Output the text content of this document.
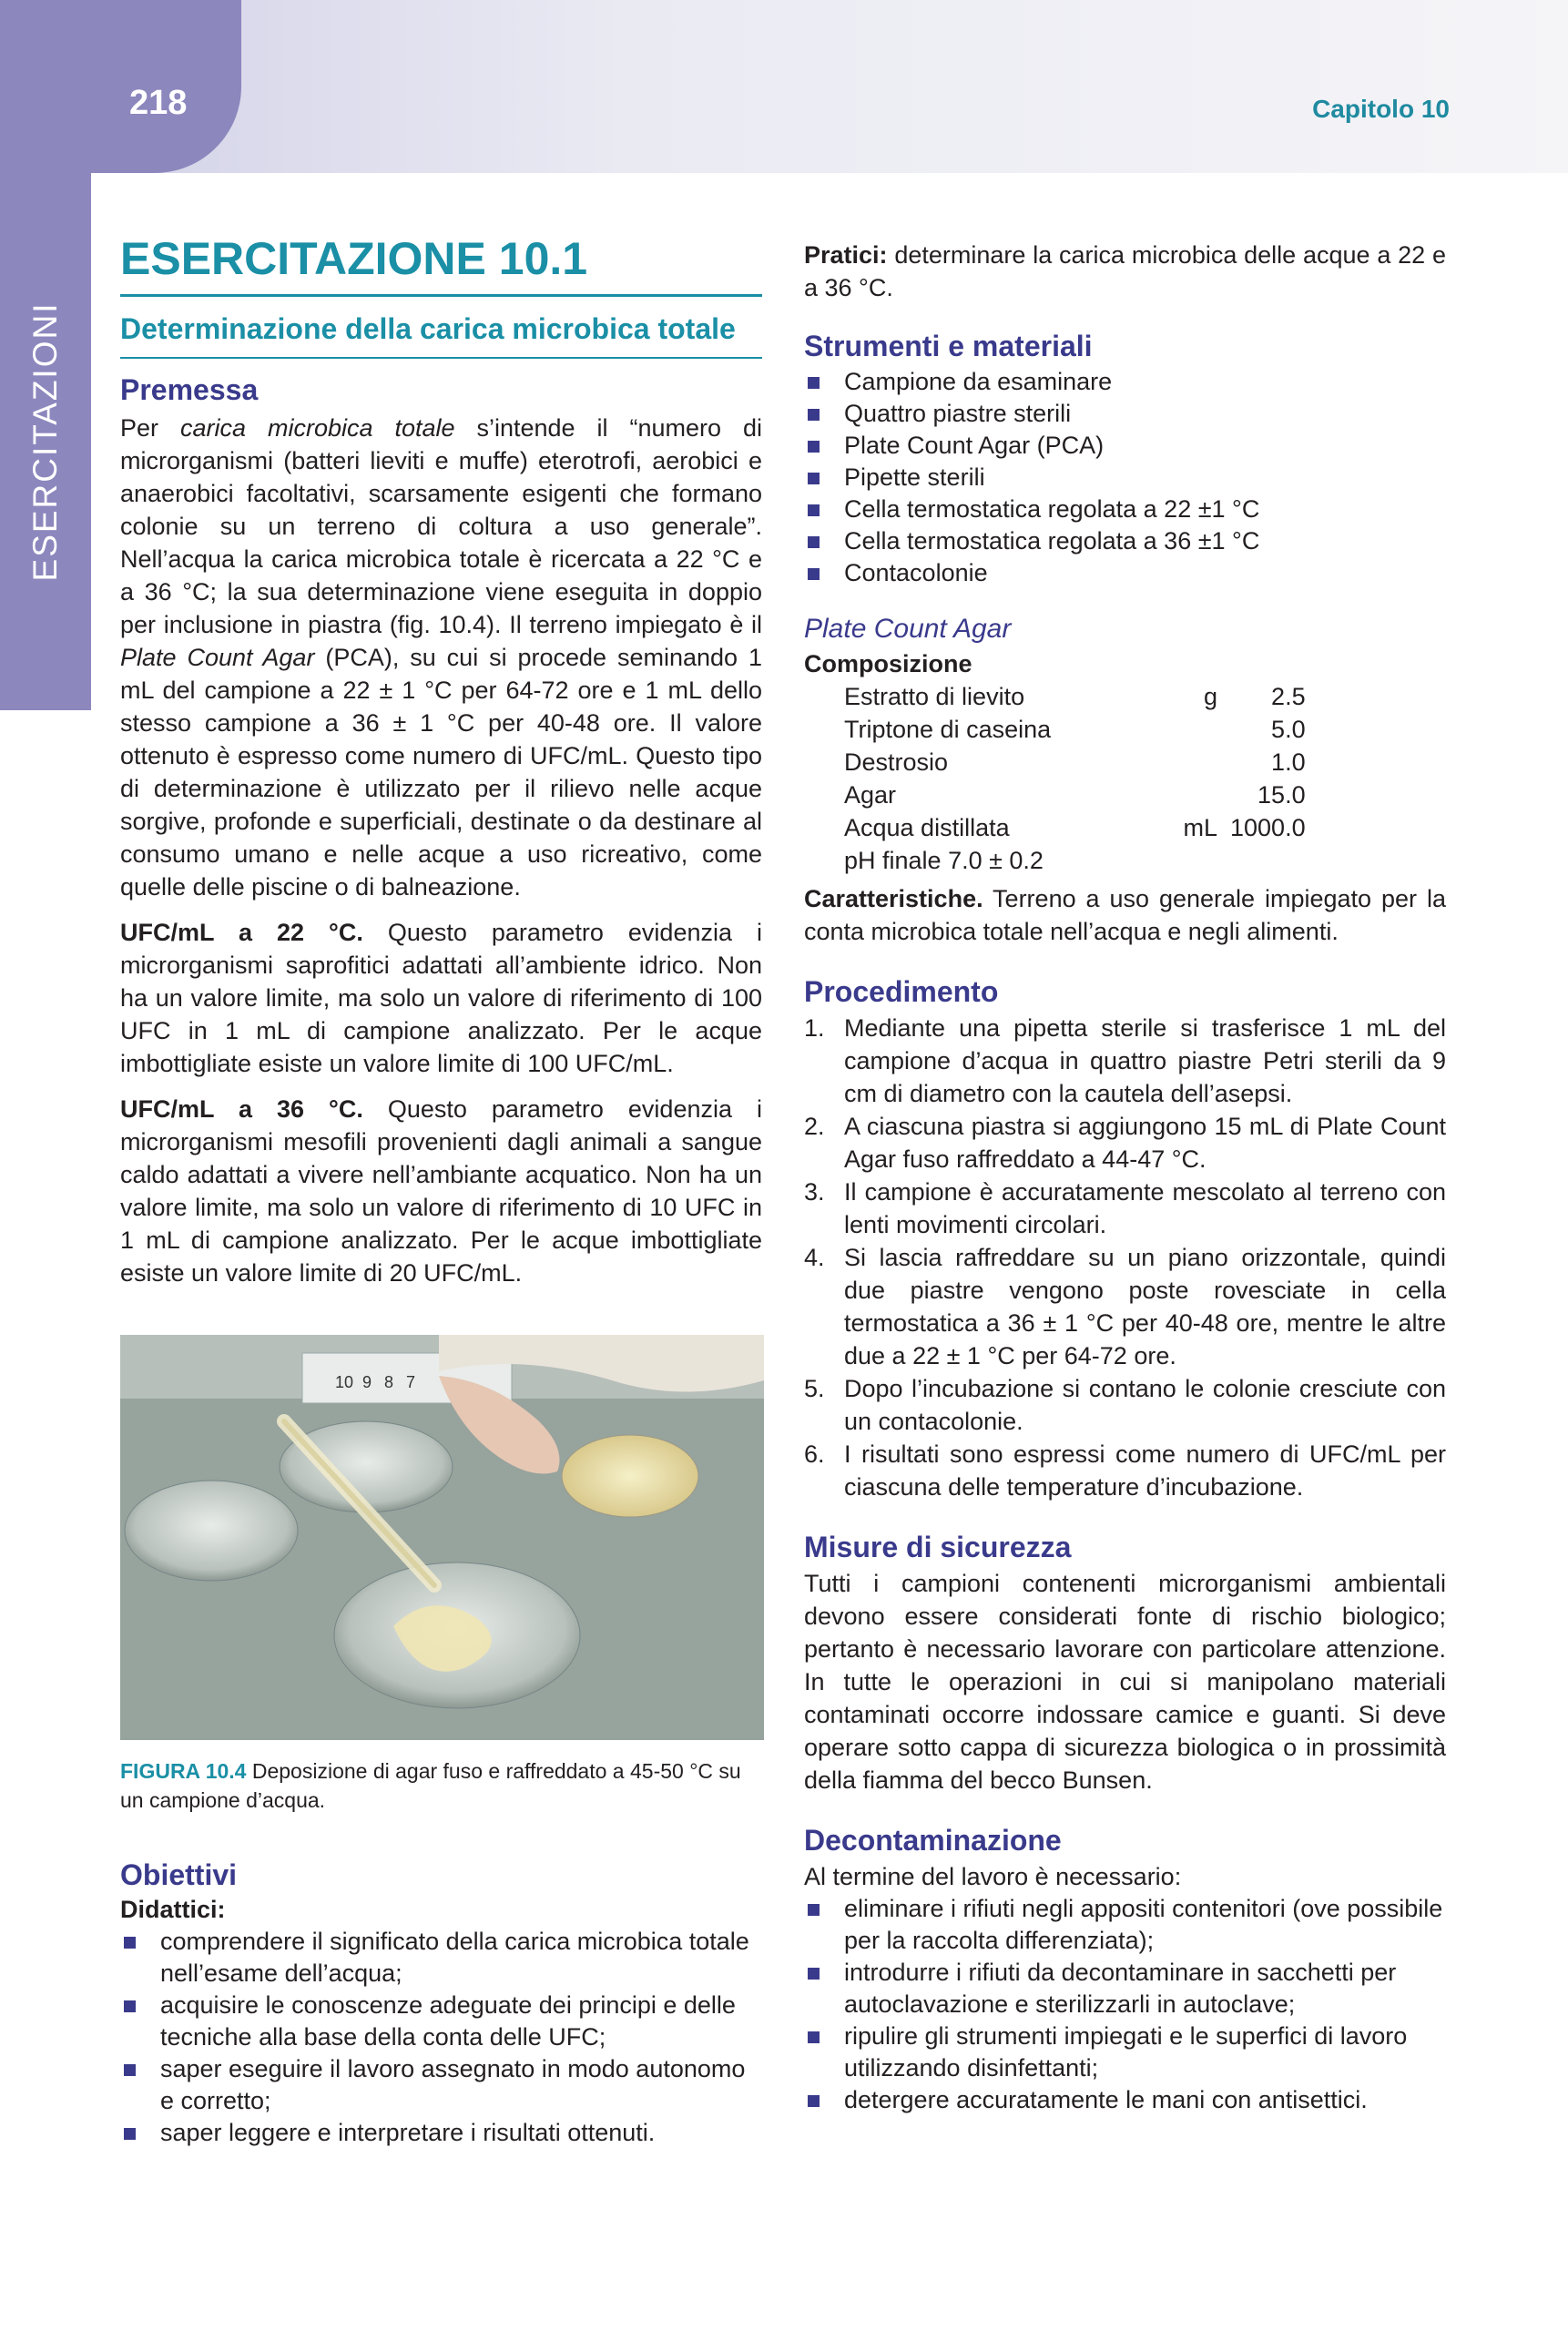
218	Capitolo 10
ESERCITAZIONI
ESERCITAZIONE 10.1
Determinazione della carica microbica totale
Premessa

Per carica microbica totale s’intende il “numero di microrganismi (batteri lieviti e muffe) eterotrofi, aerobici e anaerobici facoltativi, scarsamente esigenti che formano colonie su un terreno di coltura a uso generale”. Nell’acqua la carica microbica totale è ricercata a 22 °C e a 36 °C; la sua determinazione viene eseguita in doppio per inclusione in piastra (fig. 10.4). Il terreno impiegato è il Plate Count Agar (PCA), su cui si procede seminando 1 mL del campione a 22 ± 1 °C per 64-72 ore e 1 mL dello stesso campione a 36 ± 1 °C per 40-48 ore. Il valore ottenuto è espresso come numero di UFC/mL. Questo tipo di determinazione è utilizzato per il rilievo nelle acque sorgive, profonde e superficiali, destinate o da destinare al consumo umano e nelle acque a uso ricreativo, come quelle delle piscine o di balneazione.

UFC/mL a 22 °C. Questo parametro evidenzia i microrganismi saprofitici adattati all’ambiente idrico. Non ha un valore limite, ma solo un valore di riferimento di 100 UFC in 1 mL di campione analizzato. Per le acque imbottigliate esiste un valore limite di 100 UFC/mL.

UFC/mL a 36 °C. Questo parametro evidenzia i microrganismi mesofili provenienti dagli animali a sangue caldo adattati a vivere nell’ambiante acquatico. Non ha un valore limite, ma solo un valore di riferimento di 10 UFC in 1 mL di campione analizzato. Per le acque imbottigliate esiste un valore limite di 20 UFC/mL.

10 9 8 7
FIGURA 10.4 Deposizione di agar fuso e raffreddato a 45-50 °C su un campione d’acqua.
Obiettivi
Didattici:
comprendere il significato della carica microbica totale nell’esame dell’acqua;
acquisire le conoscenze adeguate dei principi e delle tecniche alla base della conta delle UFC;
saper eseguire il lavoro assegnato in modo autonomo e corretto;
saper leggere e interpretare i risultati ottenuti.

Pratici: determinare la carica microbica delle acque a 22 e a 36 °C.

Strumenti e materiali
Campione da esaminare
Quattro piastre sterili
Plate Count Agar (PCA)
Pipette sterili
Cella termostatica regolata a 22 ±1 °C
Cella termostatica regolata a 36 ±1 °C
Contacolonie
Plate Count Agar
Composizione
Estratto di lievito	g	2.5
Triptone di caseina		5.0
Destrosio		1.0
Agar		15.0
Acqua distillata	mL	1000.0
pH finale 7.0 ± 0.2		

Caratteristiche. Terreno a uso generale impiegato per la conta microbica totale nell’acqua e negli alimenti.

Procedimento
1. Mediante una pipetta sterile si trasferisce 1 mL del campione d’acqua in quattro piastre Petri sterili da 9 cm di diametro con la cautela dell’asepsi.
2. A ciascuna piastra si aggiungono 15 mL di Plate Count Agar fuso raffreddato a 44-47 °C.
3. Il campione è accuratamente mescolato al terreno con lenti movimenti circolari.
4. Si lascia raffreddare su un piano orizzontale, quindi due piastre vengono poste rovesciate in cella termostatica a 36 ± 1 °C per 40-48 ore, mentre le altre due a 22 ± 1 °C per 64-72 ore.
5. Dopo l’incubazione si contano le colonie cresciute con un contacolonie.
6. I risultati sono espressi come numero di UFC/mL per ciascuna delle temperature d’incubazione.
Misure di sicurezza

Tutti i campioni contenenti microrganismi ambientali devono essere considerati fonte di rischio biologico; pertanto è necessario lavorare con particolare attenzione. In tutte le operazioni in cui si manipolano materiali contaminati occorre indossare camice e guanti. Si deve operare sotto cappa di sicurezza biologica o in prossimità della fiamma del becco Bunsen.

Decontaminazione

Al termine del lavoro è necessario:

eliminare i rifiuti negli appositi contenitori (ove possibile per la raccolta differenziata);
introdurre i rifiuti da decontaminare in sacchetti per autoclavazione e sterilizzarli in autoclave;
ripulire gli strumenti impiegati e le superfici di lavoro utilizzando disinfettanti;
detergere accuratamente le mani con antisettici.
